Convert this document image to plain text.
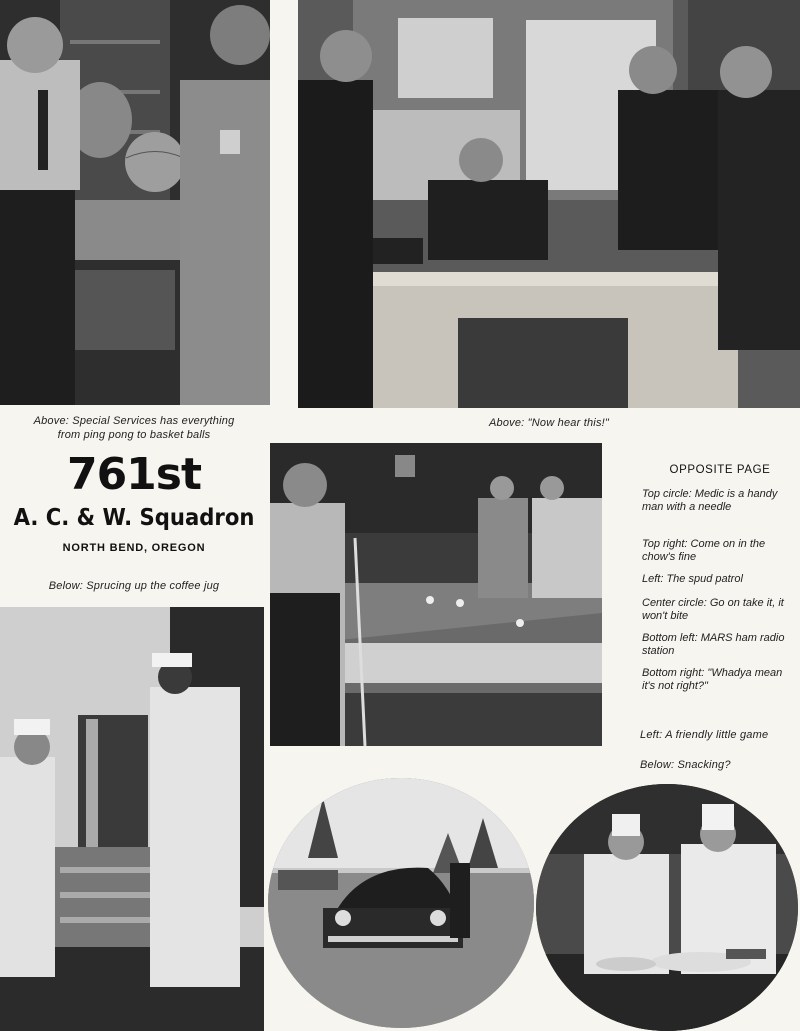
Above: Special Services has everything
from ping pong to basket balls
Above: "Now hear this!"
761st
A. C. & W. Squadron
NORTH BEND, OREGON
Below: Sprucing up the coffee jug
OPPOSITE PAGE
Top circle: Medic is a handy man with a needle
Top right: Come on in the chow's fine
Left: The spud patrol
Center circle: Go on take it, it won't bite
Bottom left: MARS ham radio station
Bottom right: "Whadya mean it's not right?"
Left: A friendly little game
Below: Snacking?
